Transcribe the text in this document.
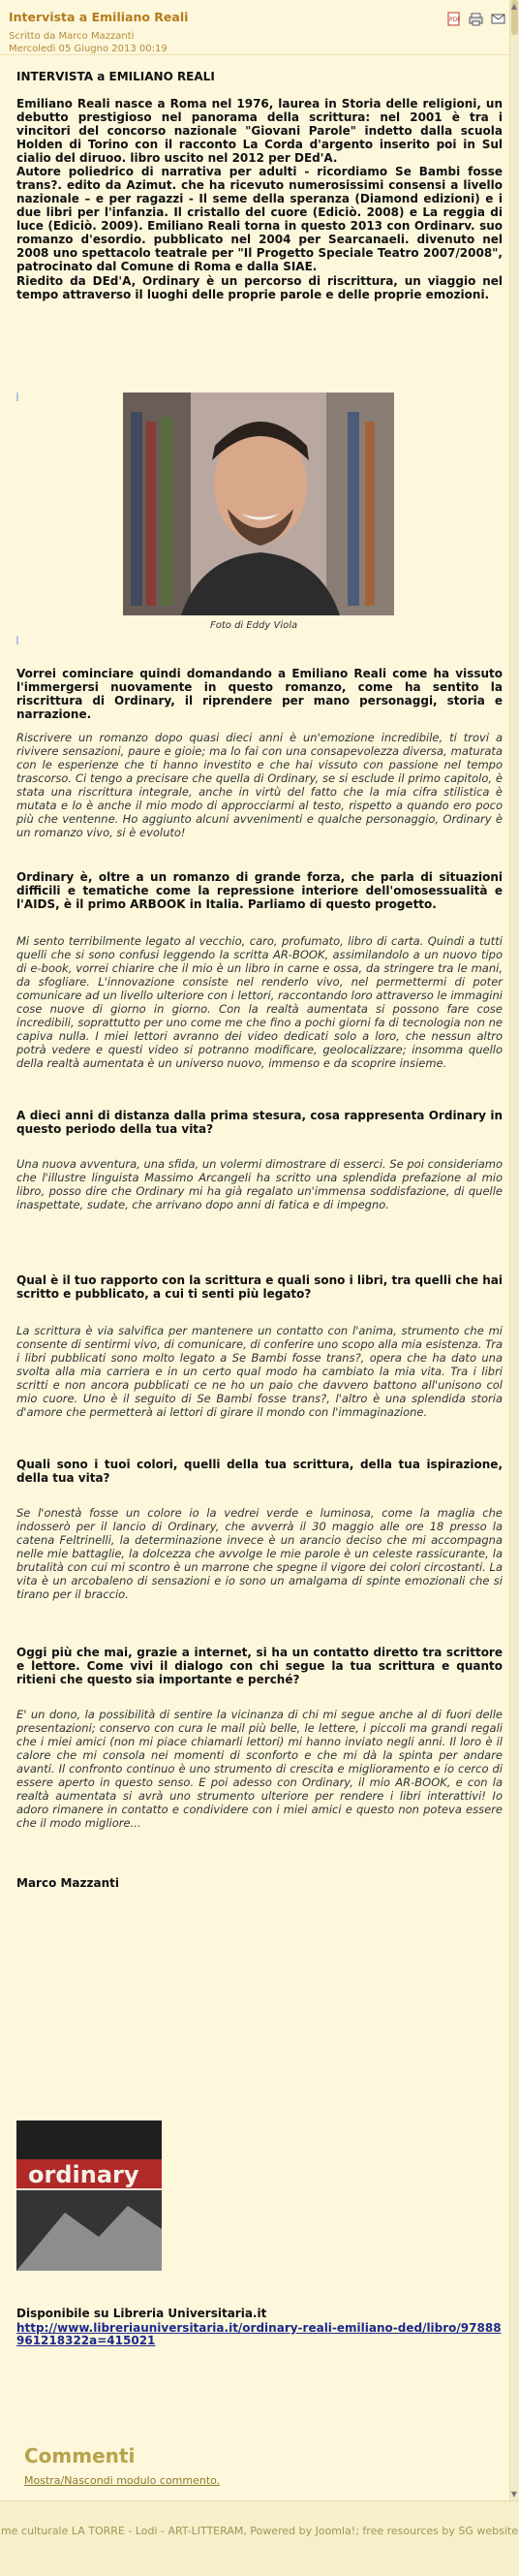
Intervista a Emiliano Reali
Scritto da Marco Mazzanti
Mercoledì 05 Giugno 2013 00:19
PDF

INTERVISTA a EMILIANO REALI

Emiliano Reali nasce a Roma nel 1976, laurea in Storia delle religioni, un debutto prestigioso nel panorama della scrittura: nel 2001 è tra i vincitori del concorso nazionale "Giovani Parole" indetto dalla scuola Holden di Torino con il racconto La Corda d'argento inserito poi in Sul cialio del diruoo. libro uscito nel 2012 per DEd'A.

Autore poliedrico di narrativa per adulti - ricordiamo Se Bambi fosse trans?. edito da Azimut. che ha ricevuto numerosissimi consensi a livello nazionale – e per ragazzi - Il seme della speranza (Diamond edizioni) e i due libri per l'infanzia. Il cristallo del cuore (Ediciò. 2008) e La reggia di luce (Ediciò. 2009). Emiliano Reali torna in questo 2013 con Ordinarv. suo romanzo d'esordio. pubblicato nel 2004 per Searcanaeli. divenuto nel 2008 uno spettacolo teatrale per "Il Progetto Speciale Teatro 2007/2008", patrocinato dal Comune di Roma e dalla SIAE.

Riedito da DEd'A, Ordinary è un percorso di riscrittura, un viaggio nel tempo attraverso il luoghi delle proprie parole e delle proprie emozioni.

Foto di Eddy Viola

Vorrei cominciare quindi domandando a Emiliano Reali come ha vissuto l'immergersi nuovamente in questo romanzo, come ha sentito la riscrittura di Ordinary, il riprendere per mano personaggi, storia e narrazione.

Riscrivere un romanzo dopo quasi dieci anni è un'emozione incredibile, ti trovi a rivivere sensazioni, paure e gioie; ma lo fai con una consapevolezza diversa, maturata con le esperienze che ti hanno investito e che hai vissuto con passione nel tempo trascorso. Ci tengo a precisare che quella di Ordinary, se si esclude il primo capitolo, è stata una riscrittura integrale, anche in virtù del fatto che la mia cifra stilistica è mutata e lo è anche il mio modo di approcciarmi al testo, rispetto a quando ero poco più che ventenne. Ho aggiunto alcuni avvenimenti e qualche personaggio, Ordinary è un romanzo vivo, si è evoluto!

Ordinary è, oltre a un romanzo di grande forza, che parla di situazioni difficili e tematiche come la repressione interiore dell'omosessualità e l'AIDS, è il primo ARBOOK in Italia. Parliamo di questo progetto.

Mi sento terribilmente legato al vecchio, caro, profumato, libro di carta. Quindi a tutti quelli che si sono confusi leggendo la scritta AR-BOOK, assimilandolo a un nuovo tipo di e-book, vorrei chiarire che il mio è un libro in carne e ossa, da stringere tra le mani, da sfogliare. L'innovazione consiste nel renderlo vivo, nel permettermi di poter comunicare ad un livello ulteriore con i lettori, raccontando loro attraverso le immagini cose nuove di giorno in giorno. Con la realtà aumentata si possono fare cose incredibili, soprattutto per uno come me che fino a pochi giorni fa di tecnologia non ne capiva nulla. I miei lettori avranno dei video dedicati solo a loro, che nessun altro potrà vedere e questi video si potranno modificare, geolocalizzare; insomma quello della realtà aumentata è un universo nuovo, immenso e da scoprire insieme.

A dieci anni di distanza dalla prima stesura, cosa rappresenta Ordinary in questo periodo della tua vita?

Una nuova avventura, una sfida, un volermi dimostrare di esserci. Se poi consideriamo che l'illustre linguista Massimo Arcangeli ha scritto una splendida prefazione al mio libro, posso dire che Ordinary mi ha già regalato un'immensa soddisfazione, di quelle inaspettate, sudate, che arrivano dopo anni di fatica e di impegno.

Qual è il tuo rapporto con la scrittura e quali sono i libri, tra quelli che hai scritto e pubblicato, a cui ti senti più legato?

La scrittura è via salvifica per mantenere un contatto con l'anima, strumento che mi consente di sentirmi vivo, di comunicare, di conferire uno scopo alla mia esistenza. Tra i libri pubblicati sono molto legato a Se Bambi fosse trans?, opera che ha dato una svolta alla mia carriera e in un certo qual modo ha cambiato la mia vita. Tra i libri scritti e non ancora pubblicati ce ne ho un paio che davvero battono all'unisono col mio cuore. Uno è il seguito di Se Bambi fosse trans?, l'altro è una splendida storia d'amore che permetterà ai lettori di girare il mondo con l'immaginazione.

Quali sono i tuoi colori, quelli della tua scrittura, della tua ispirazione, della tua vita?

Se l'onestà fosse un colore io la vedrei verde e luminosa, come la maglia che indosserò per il lancio di Ordinary, che avverrà il 30 maggio alle ore 18 presso la catena Feltrinelli, la determinazione invece è un arancio deciso che mi accompagna nelle mie battaglie, la dolcezza che avvolge le mie parole è un celeste rassicurante, la brutalità con cui mi scontro è un marrone che spegne il vigore dei colori circostanti. La vita è un arcobaleno di sensazioni e io sono un amalgama di spinte emozionali che si tirano per il braccio.

Oggi più che mai, grazie a internet, si ha un contatto diretto tra scrittore e lettore. Come vivi il dialogo con chi segue la tua scrittura e quanto ritieni che questo sia importante e perché?

E' un dono, la possibilità di sentire la vicinanza di chi mi segue anche al di fuori delle presentazioni; conservo con cura le mail più belle, le lettere, i piccoli ma grandi regali che i miei amici (non mi piace chiamarli lettori) mi hanno inviato negli anni. Il loro è il calore che mi consola nei momenti di sconforto e che mi dà la spinta per andare avanti. Il confronto continuo è uno strumento di crescita e miglioramento e io cerco di essere aperto in questo senso. E poi adesso con Ordinary, il mio AR-BOOK, e con la realtà aumentata si avrà uno strumento ulteriore per rendere i libri interattivi! Io adoro rimanere in contatto e condividere con i miei amici e questo non poteva essere che il modo migliore...

Marco Mazzanti

ordinary

Disponibile su Libreria Universitaria.it

http://www.libreriauniversitaria.it/ordinary-reali-emiliano-ded/libro/97888961218322a=415021
Commenti
Mostra/Nascondi modulo commento.
▲
▼
me culturale LA TORRE - Lodi - ART-LITTERAM, Powered by Joomla!; free resources by SG website
